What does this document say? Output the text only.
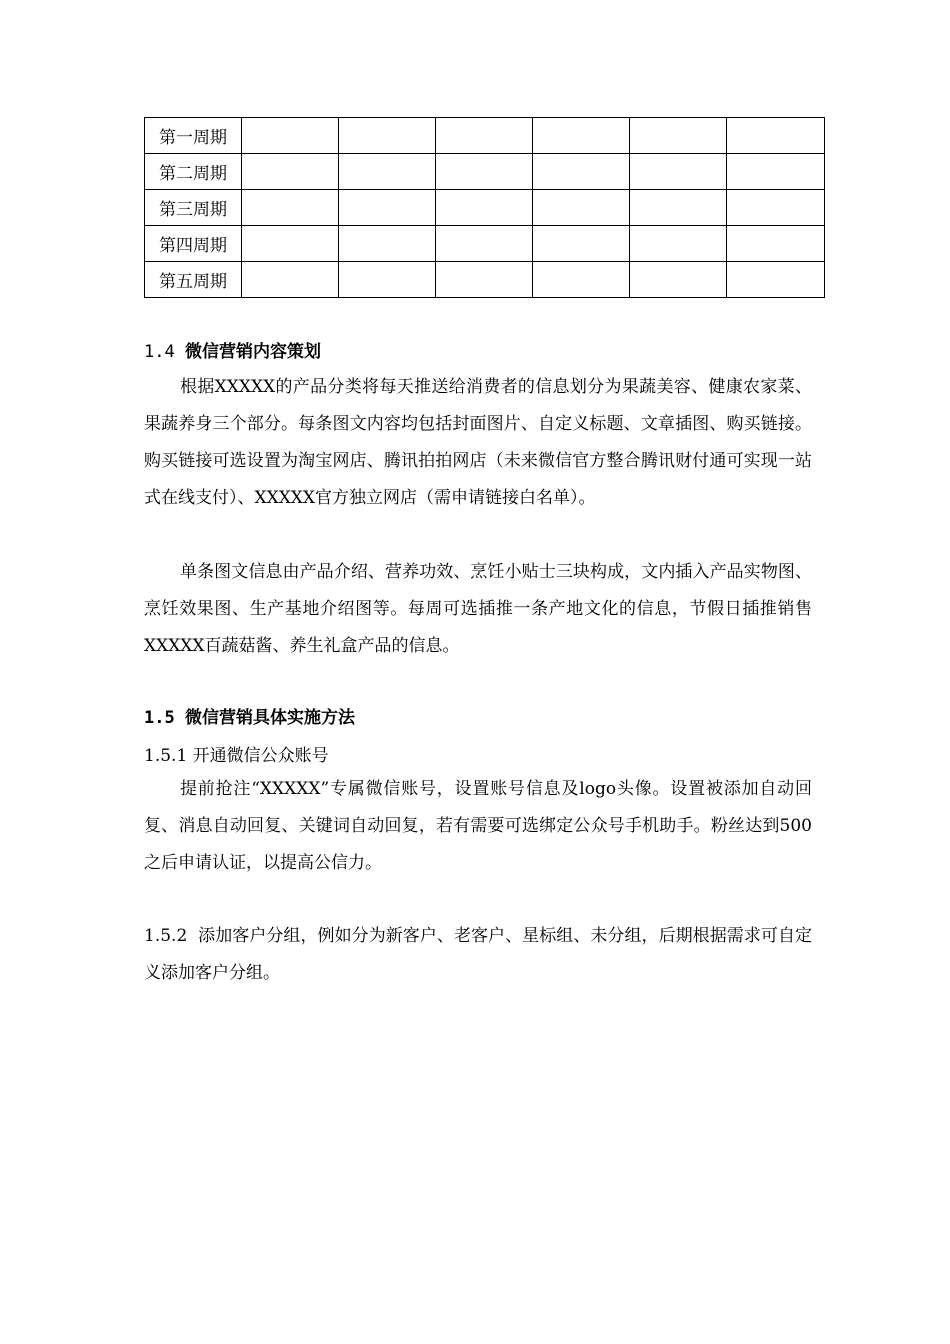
第一周期						
第二周期						
第三周期						
第四周期						
第五周期						
1.4 微信营销内容策划

根据XXXXX的产品分类将每天推送给消费者的信息划分为果蔬美容、健康农家菜、果蔬养身三个部分。每条图文内容均包括封面图片、自定义标题、文章插图、购买链接。购买链接可选设置为淘宝网店、腾讯拍拍网店（未来微信官方整合腾讯财付通可实现一站式在线支付）、XXXXX官方独立网店（需申请链接白名单）。

单条图文信息由产品介绍、营养功效、烹饪小贴士三块构成，文内插入产品实物图、烹饪效果图、生产基地介绍图等。每周可选插推一条产地文化的信息，节假日插推销售XXXXX百蔬菇酱、养生礼盒产品的信息。

1.5 微信营销具体实施方法
1.5.1 开通微信公众账号

提前抢注“XXXXX”专属微信账号，设置账号信息及logo头像。设置被添加自动回复、消息自动回复、关键词自动回复，若有需要可选绑定公众号手机助手。粉丝达到500之后申请认证，以提高公信力。

1.5.2  添加客户分组，例如分为新客户、老客户、星标组、未分组，后期根据需求可自定义添加客户分组。
